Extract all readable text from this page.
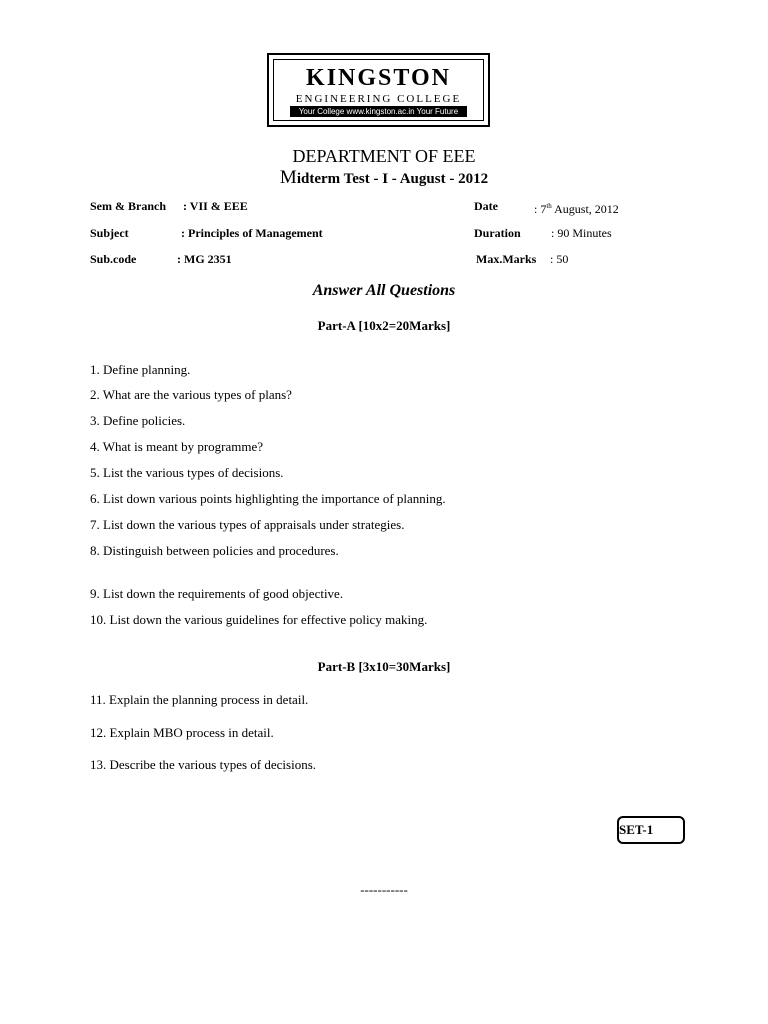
KINGSTON
ENGINEERING COLLEGE
Your College www.kingston.ac.in Your Future
DEPARTMENT OF EEE
Midterm Test - I - August - 2012
Sem & Branch : VII & EEE
Subject	: Principles of Management
Sub.code	: MG 2351
Date	: 7th August, 2012
Duration	: 90 Minutes
Max.Marks : 50
Answer All Questions
Part-A [10x2=20Marks]
1. Define planning.
2. What are the various types of plans?
3. Define policies.
4. What is meant by programme?
5. List the various types of decisions.
6. List down various points highlighting the importance of planning.
7. List down the various types of appraisals under strategies.
8. Distinguish between policies and procedures.
9. List down the requirements of good objective.
10. List down the various guidelines for effective policy making.
Part-B [3x10=30Marks]
11. Explain the planning process in detail.
12. Explain MBO process in detail.
13. Describe the various types of decisions.
SET-1
-----------
